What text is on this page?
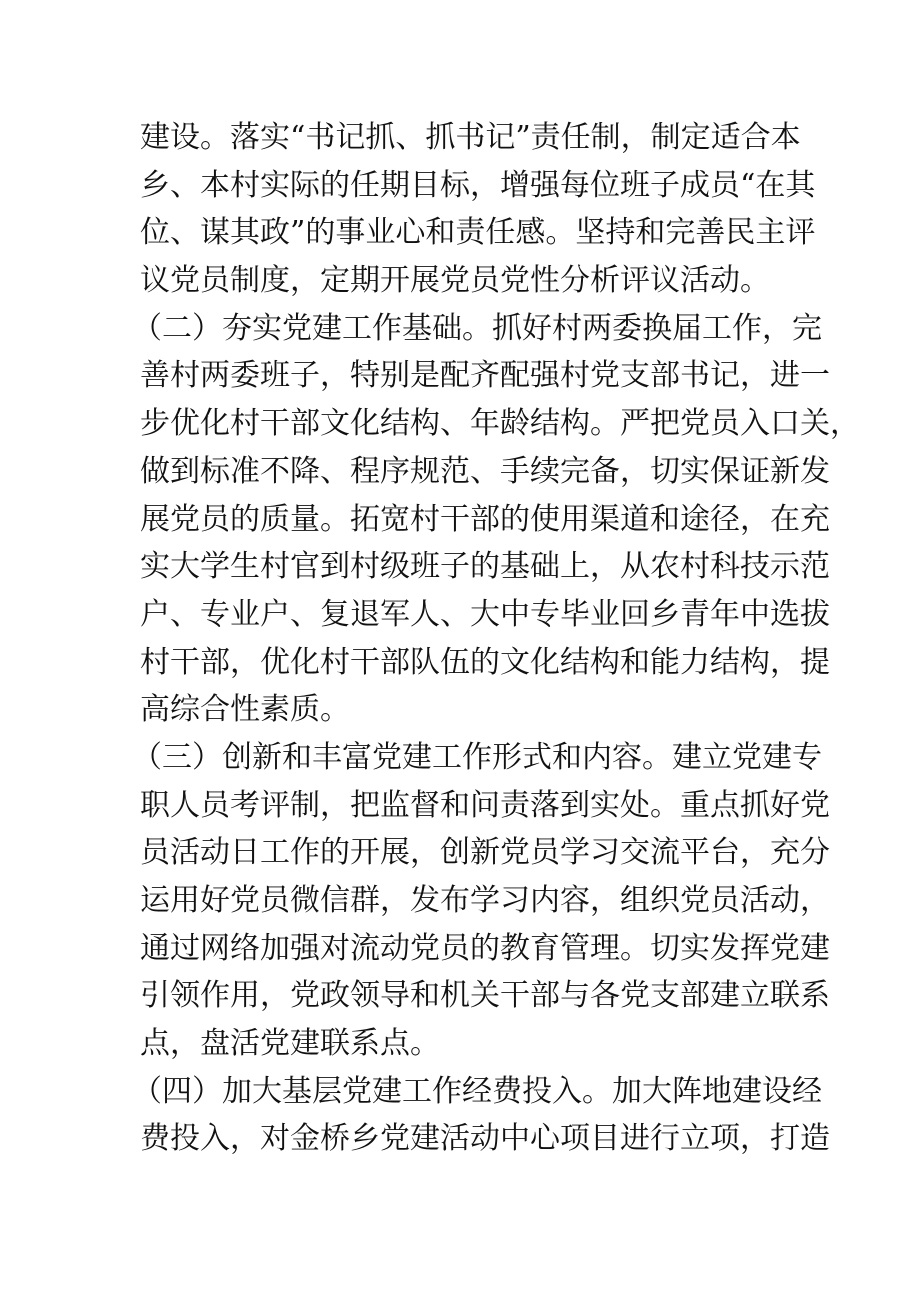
建设。落实“书记抓、抓书记”责任制，制定适合本
乡、本村实际的任期目标，增强每位班子成员“在其
位、谋其政”的事业心和责任感。坚持和完善民主评
议党员制度，定期开展党员党性分析评议活动。
（二）夯实党建工作基础。抓好村两委换届工作，完
善村两委班子，特别是配齐配强村党支部书记，进一
步优化村干部文化结构、年龄结构。严把党员入口关，
做到标准不降、程序规范、手续完备，切实保证新发
展党员的质量。拓宽村干部的使用渠道和途径，在充
实大学生村官到村级班子的基础上，从农村科技示范
户、专业户、复退军人、大中专毕业回乡青年中选拔
村干部，优化村干部队伍的文化结构和能力结构，提
高综合性素质。
（三）创新和丰富党建工作形式和内容。建立党建专
职人员考评制，把监督和问责落到实处。重点抓好党
员活动日工作的开展，创新党员学习交流平台，充分
运用好党员微信群，发布学习内容，组织党员活动，
通过网络加强对流动党员的教育管理。切实发挥党建
引领作用，党政领导和机关干部与各党支部建立联系
点，盘活党建联系点。
（四）加大基层党建工作经费投入。加大阵地建设经
费投入，对金桥乡党建活动中心项目进行立项，打造
